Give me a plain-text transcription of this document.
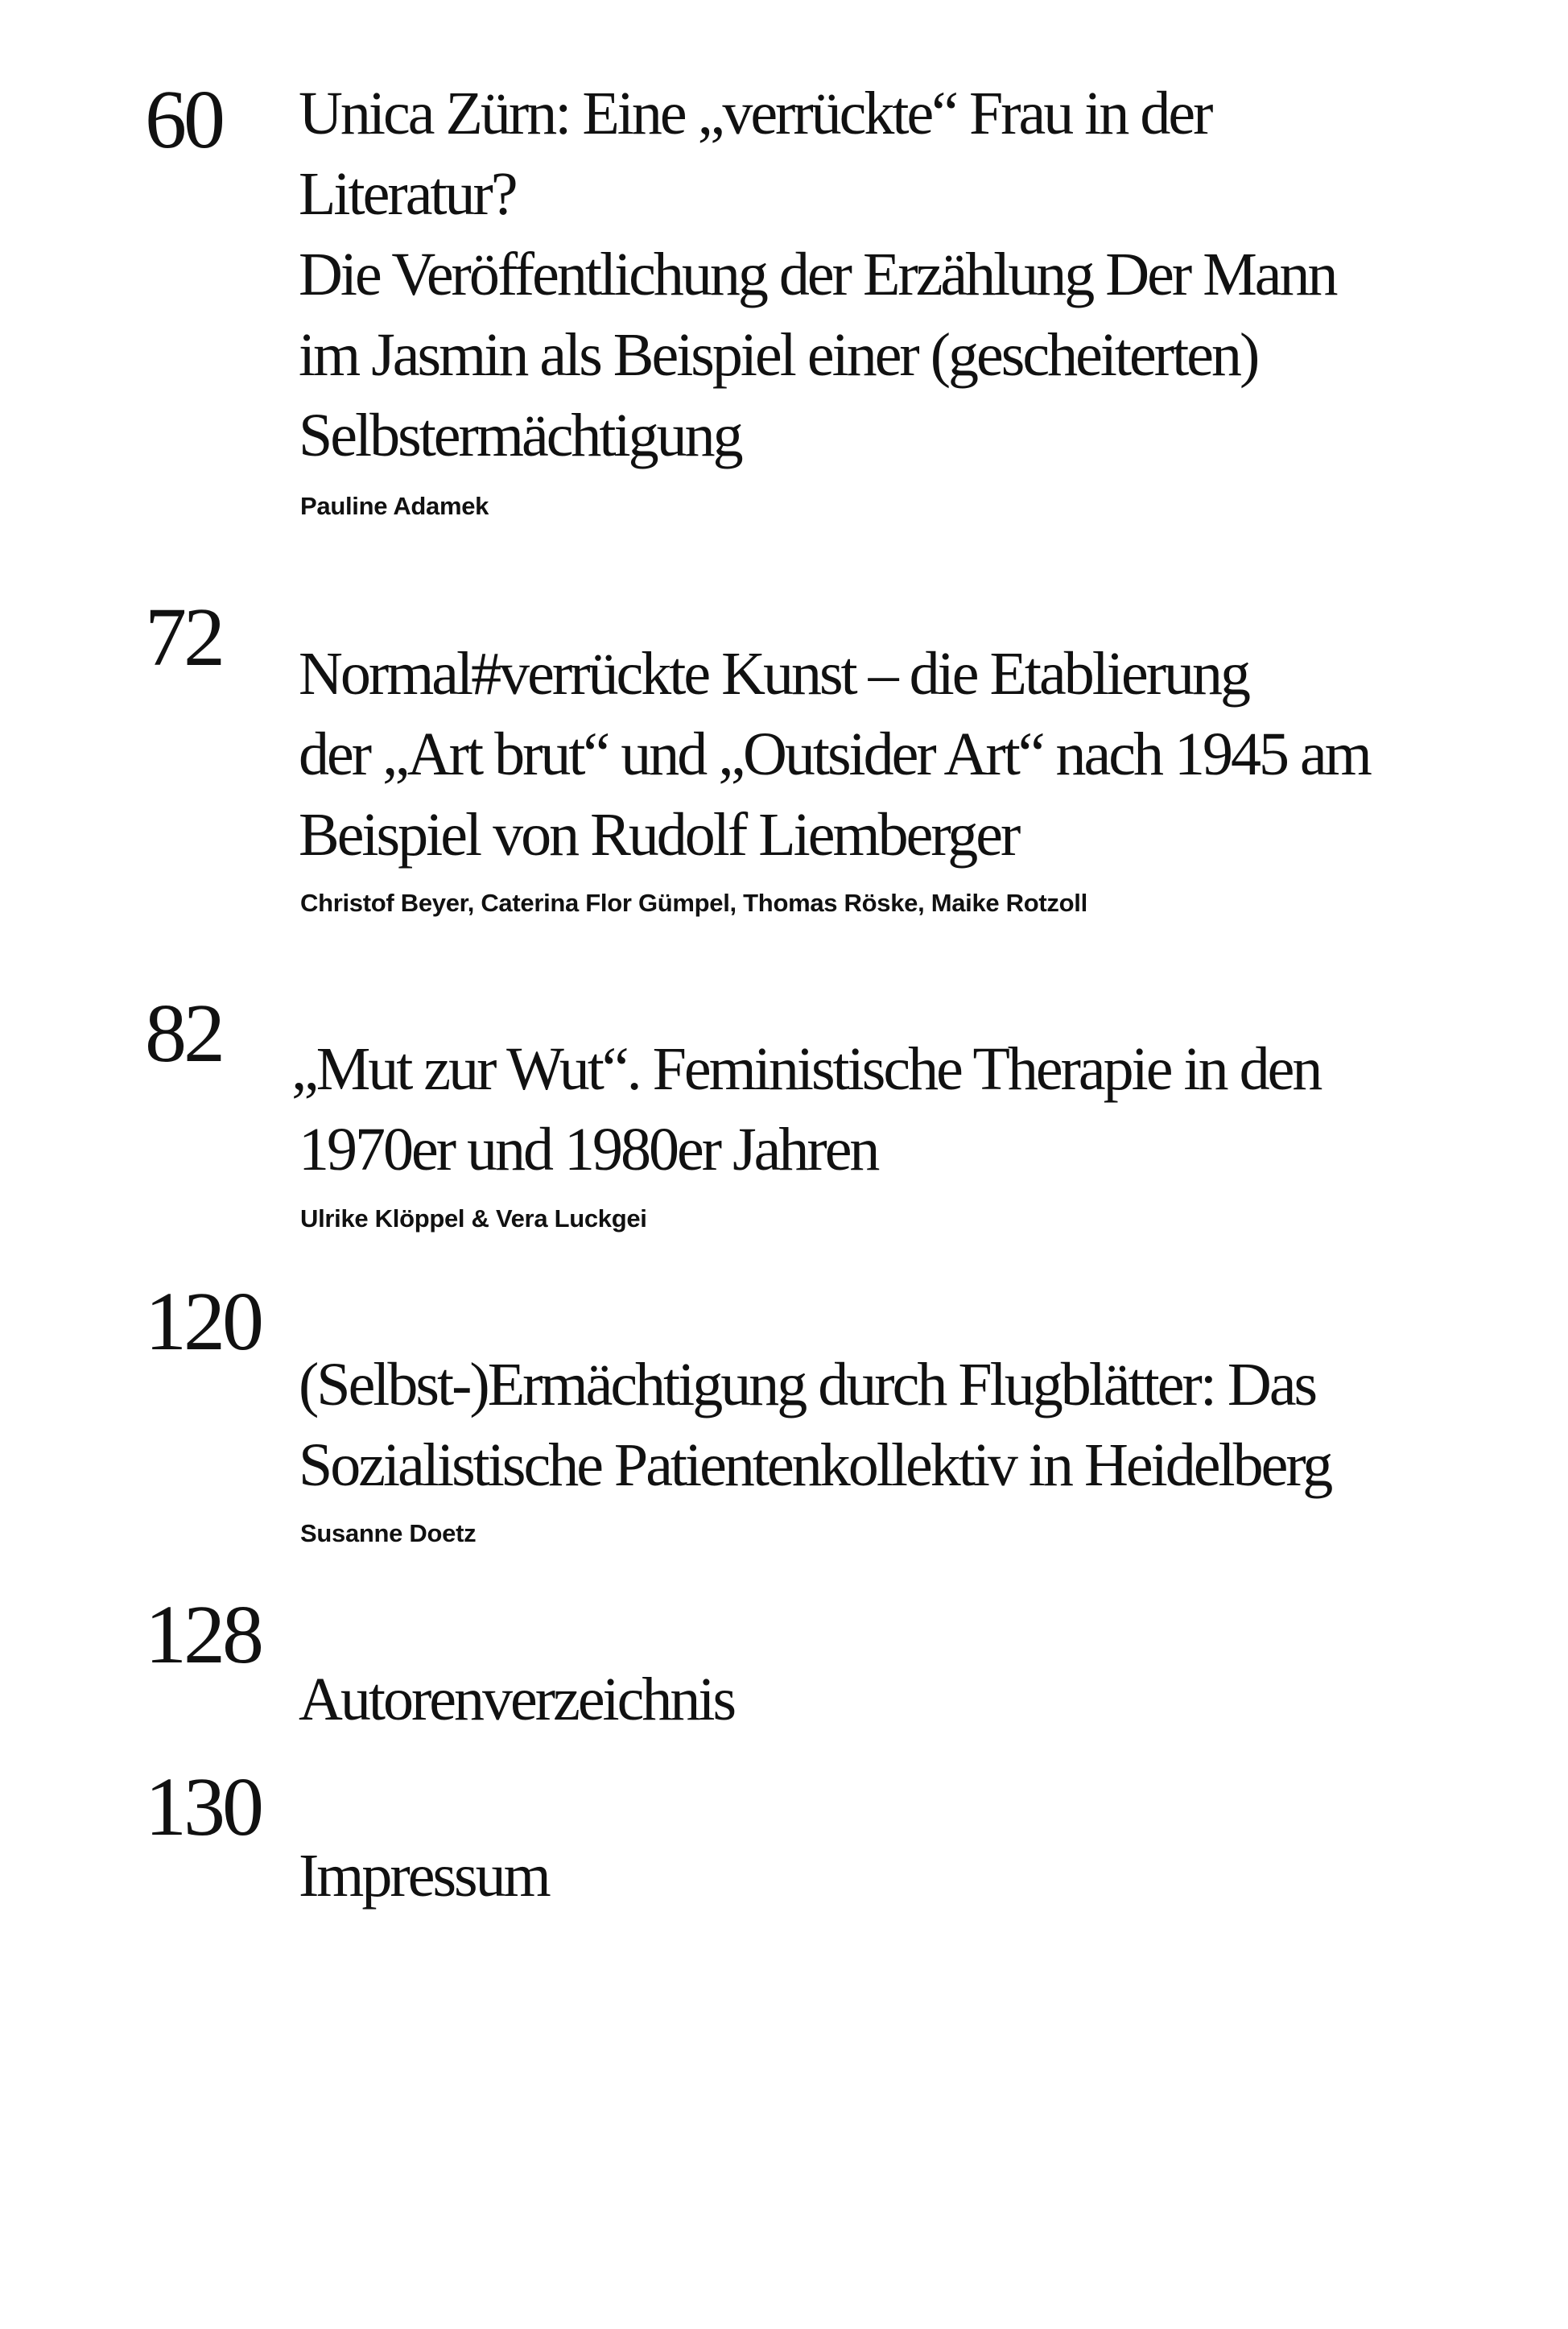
60 Unica Zürn: Eine „verrückte“ Frau in der
Literatur?
Die Veröffentlichung der Erzählung Der Mann
im Jasmin als Beispiel einer (gescheiterten)
Selbstermächtigung
Pauline Adamek
72 Normal#verrückte Kunst – die Etablierung
der „Art brut“ und „Outsider Art“ nach 1945 am
Beispiel von Rudolf Liemberger
Christof Beyer, Caterina Flor Gümpel, Thomas Röske, Maike Rotzoll
82 „Mut zur Wut“. Feministische Therapie in den
1970er und 1980er Jahren
Ulrike Klöppel & Vera Luckgei
120
(Selbst-)Ermächtigung durch Flugblätter: Das
Sozialistische Patientenkollektiv in Heidelberg
Susanne Doetz
128
Autorenverzeichnis
130
Impressum
